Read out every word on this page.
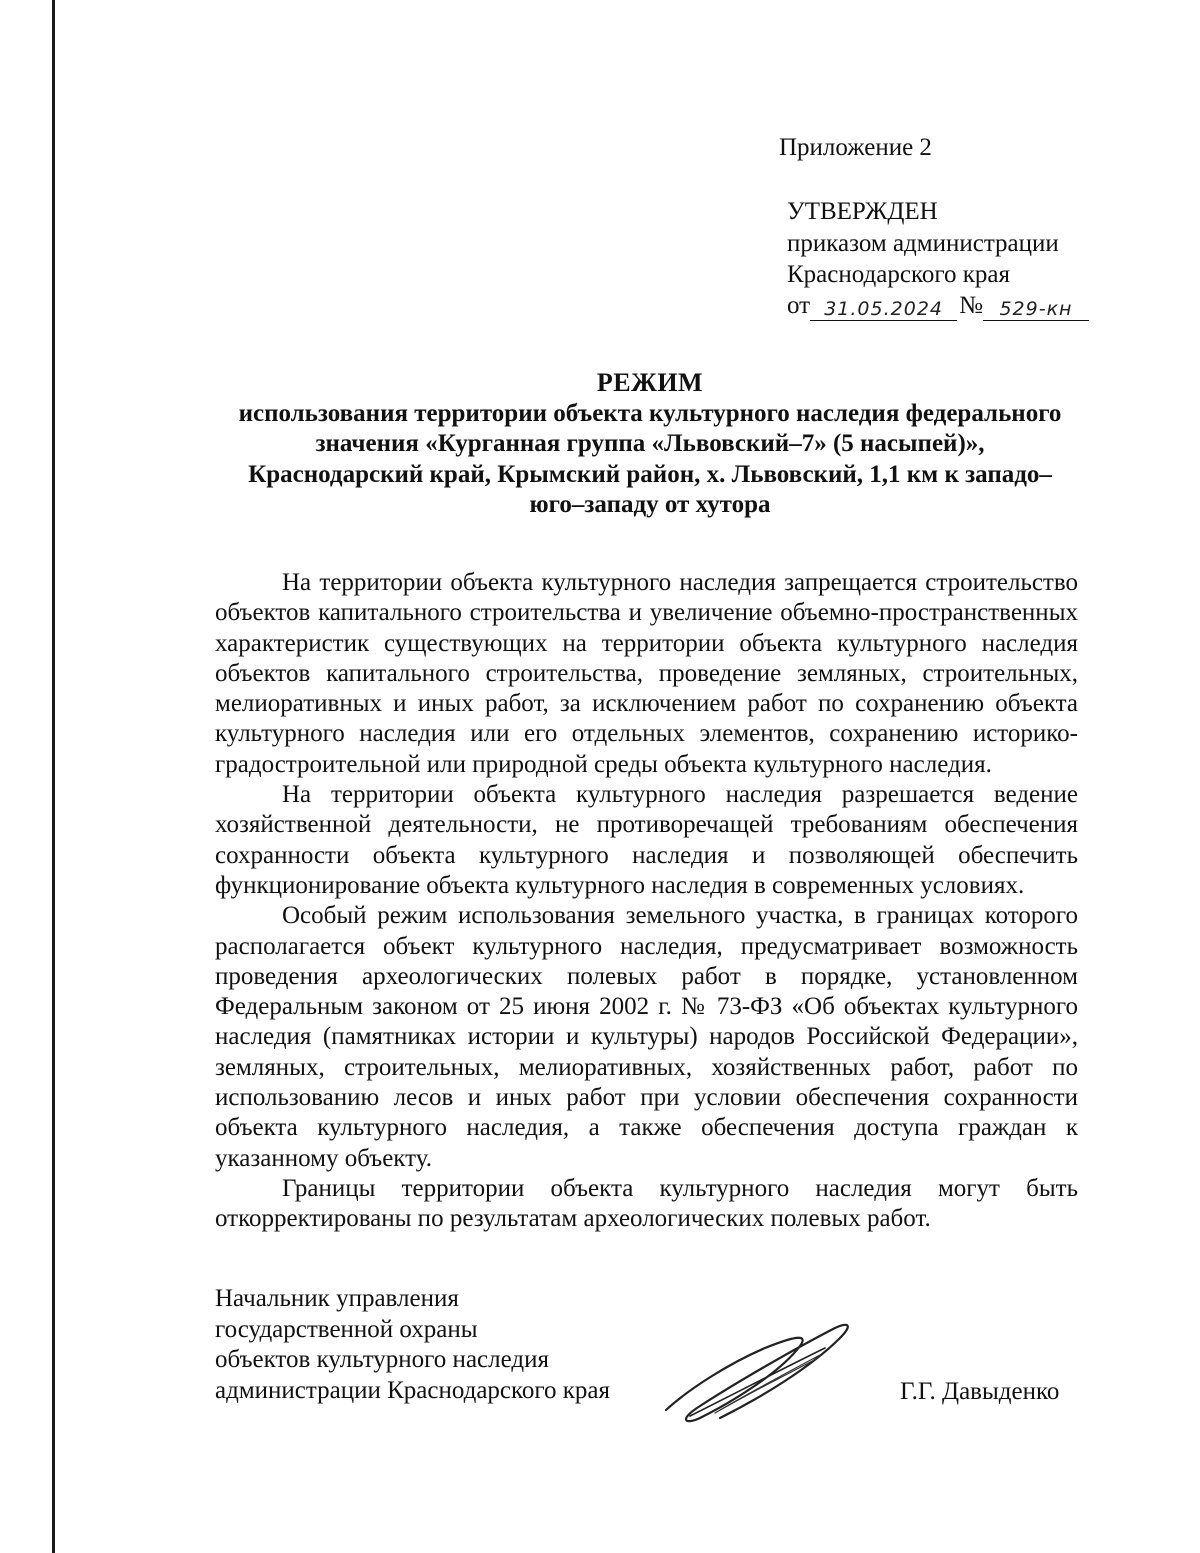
Приложение 2
УТВЕРЖДЕН
приказом администрации
Краснодарского края
от 31.05.2024 № 529-кн
РЕЖИМ
использования территории объекта культурного наследия федерального
значения «Курганная группа «Львовский–7» (5 насыпей)»,
Краснодарский край, Крымский район, х. Львовский, 1,1 км к западо–
юго–западу от хутора

На территории объекта культурного наследия запрещается строительство объектов капитального строительства и увеличение объемно-пространственных характеристик существующих на территории объекта культурного наследия объектов капитального строительства, проведение земляных, строительных, мелиоративных и иных работ, за исключением работ по сохранению объекта культурного наследия или его отдельных элементов, сохранению историко-градостроительной или природной среды объекта культурного наследия.

На территории объекта культурного наследия разрешается ведение хозяйственной деятельности, не противоречащей требованиям обеспечения сохранности объекта культурного наследия и позволяющей обеспечить функционирование объекта культурного наследия в современных условиях.

Особый режим использования земельного участка, в границах которого располагается объект культурного наследия, предусматривает возможность проведения археологических полевых работ в порядке, установленном Федеральным законом от 25 июня 2002 г. № 73-ФЗ «Об объектах культурного наследия (памятниках истории и культуры) народов Российской Федерации», земляных, строительных, мелиоративных, хозяйственных работ, работ по использованию лесов и иных работ при условии обеспечения сохранности объекта культурного наследия, а также обеспечения доступа граждан к указанному объекту.

Границы территории объекта культурного наследия могут быть откорректированы по результатам археологических полевых работ.

Начальник управления
государственной охраны
объектов культурного наследия
администрации Краснодарского края	Г.Г. Давыденко
